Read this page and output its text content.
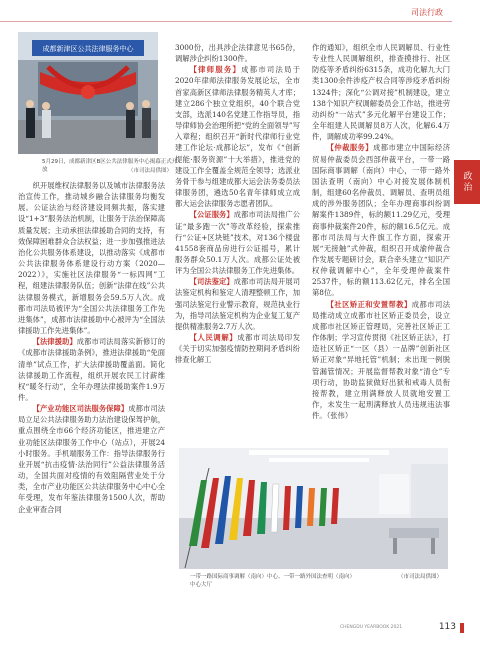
司法行政
政治
成都新津区公共法律服务中心
5月29日，成都新津区B区公共法律服务中心揭幕正式开放	（市司法局供图）

织开展维权法律服务以及城市法律服务法治宣传工作，推动城乡融合法律服务均衡发展。公证法治与经济建设同频共振，落实建设“1+3”服务法治机制，让服务于法治保障高质量发展；主动承担法律援助合同的支持，有效保障困难群众合法权益；进一步加强推进法治化公共服务体系建设，以推动落实《成都市公共法律服务体系建设行动方案（2020—2022）》，实施社区法律服务“一标四网”工程，组建法律服务队伍；创新“法律在线”公共法律服务模式，新增服务会59.5万人次。成都市司法局被评为“全国公共法律服务工作先进集体”，成都市法律援助中心被评为“全国法律援助工作先进集体”。

【法律援助】成都市司法局落实新修订的《成都市法律援助条例》，推进法律援助“免面清单”试点工作，扩大法律援助覆盖面。简化法律援助工作流程，组织开展农民工讨薪维权“暖冬行动”，全年办理法律援助案件1.9万件。

【产业功能区司法服务保障】成都市司法局立足公共法律服务助力法治建设保驾护航，重点围绕全市66个经济功能区，推进建立产业功能区法律服务工作中心（站点），开展24小时服务。手机端服务工作：指导法律服务行业开展“抗击疫情·法治同行”公益法律服务活动，全国共面对疫情的有效阻隔营业处于分类，全市产业功能区公共法律服务中心中心全年受理，发布年鉴法律服务1500人次，帮助企业审查合同

3000份，出具涉企法律意见书65份，调解涉企纠纷1300件。

【律师服务】成都市司法局于2020年律师法律服务发展论坛，全市首家高新区律师法律服务精英人才库；建立286个独立党组织，40个联合党支部，选派140名党建工作指导员，指导律师协会治理所把“党的全面领导”写入章程；组织召开“新时代律师行业党建工作论坛·成都论坛”，发布《“创新提能·服务资源”十大举措》，推进党的建设工作全覆盖全规范全领导；选派业务骨干参与组建成都大运会法务委员法律服务团，遴选50名青年律师成立成都大运会法律服务志愿者团队。

【公证服务】成都市司法局推广公证“最多跑一次”等改革经验，探索推行“公证+区块链”技术，对136个楼盘41558套商品房进行公证摇号，累计服务群众50.1万人次。成都公证处被评为全国公共法律服务工作先进集体。

【司法鉴定】成都市司法局开展司法鉴定机构和鉴定人清理整顿工作，加强司法鉴定行业警示教育，规范执业行为，指导司法鉴定机构为企业复工复产提供精准服务2.7万人次。

【人民调解】成都市司法局印发《关于切实加强疫情防控期间矛盾纠纷排查化解工

作的通知》，组织全市人民调解员、行业性专业性人民调解组织，排查摸排行、社区防疫等矛盾纠纷6315条，成功化解九大门类1300余件涉疫产权合同等涉疫矛盾纠纷1324件；深化“公调对接”机制建设，建立138个知识产权调解委员会工作站，推进劳动纠纷“一站式”多元化解平台建设工作；全年组建人民调解员8万人次，化解6.4万件，调解成功率99.24%。

【仲裁服务】成都市建立中国际经济贸易仲裁委员会西部仲裁平台，一带一路国际商事调解（南向）中心，一带一路外国法查明（南向）中心对接发展体制机制，组建60名仲裁员、调解员、查明员组成的涉外服务团队；全年办理商事纠纷调解案件1389件，标的额11.29亿元，受理商事仲裁案件20件，标的额16.5亿元。成都市司法局与大件旗工作方面，探索开展“无接触”式仲裁，组织召开成渝仲裁合作发展专题研讨会，联合牵头建立“知识产权仲裁调解中心”，全年受理仲裁案件2537件，标的额113.62亿元，排名全国第8位。

【社区矫正和安置帮教】成都市司法局推动成立成都市社区矫正委员会，设立成都市社区矫正管理局，完善社区矫正工作体制；学习宣传贯彻《社区矫正法》，打造社区矫正“一区（县）一品牌”创新社区矫正对象“异地托管”机制；未出现一例脱管漏管情况；开展监督帮教对象“清仓”专项行动，协助监狱做好出狱和戒毒人员衔接帮教，建立刑满释放人员就地安置工作，未发生一起刑满释放人员违规违法事件。（张伟）

一带一路国际商事调解（南向）中心、一带一路外国法查明（南向）中心大厅
（市司法局供图）
CHENGDU YEARBOOK 2021	113
